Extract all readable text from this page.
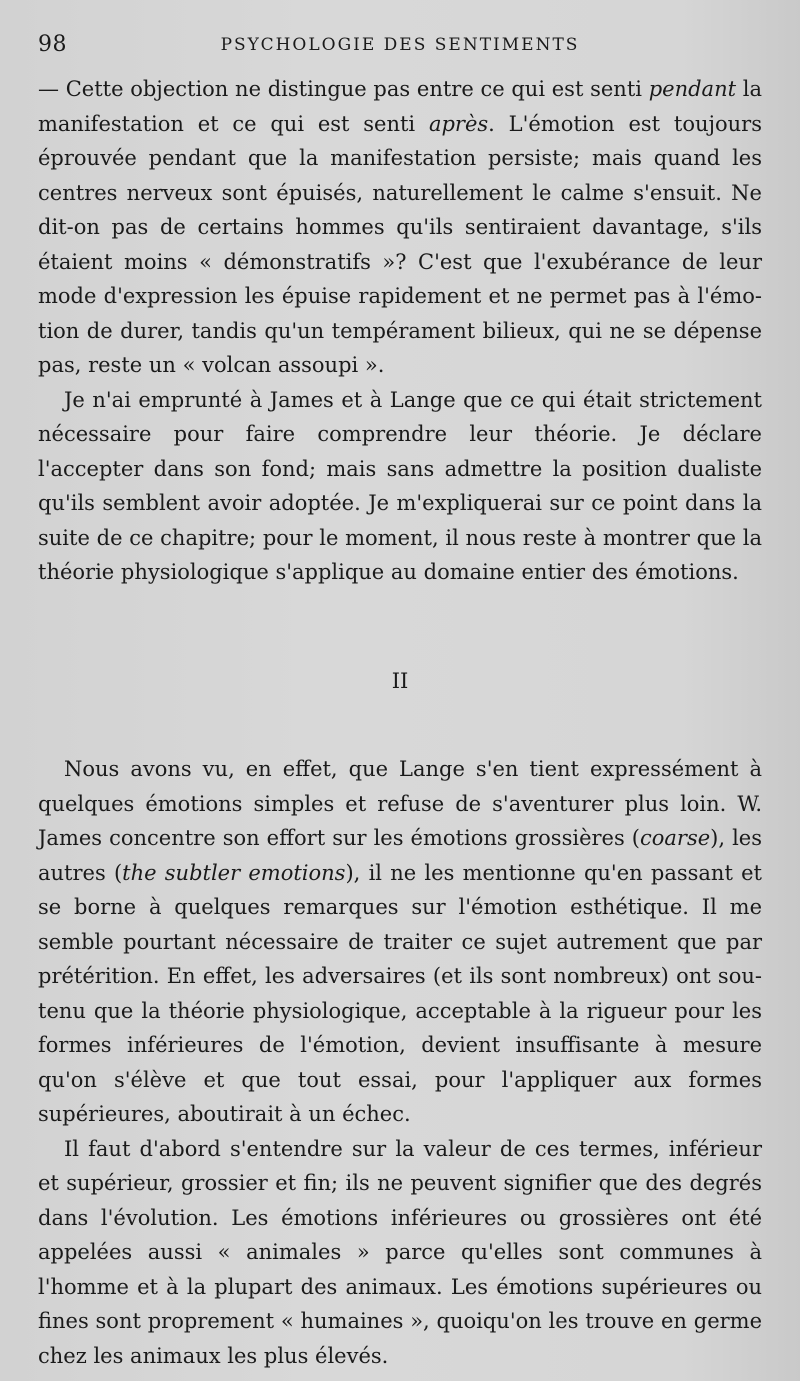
98	PSYCHOLOGIE DES SENTIMENTS

— Cette objection ne distingue pas entre ce qui est senti pendant la manifestation et ce qui est senti après. L'émotion est toujours éprouvée pendant que la manifestation persiste; mais quand les centres nerveux sont épuisés, naturellement le calme s'ensuit. Ne dit-on pas de certains hommes qu'ils sentiraient davantage, s'ils étaient moins « démonstratifs »? C'est que l'exubérance de leur mode d'expression les épuise rapidement et ne permet pas à l'émotion de durer, tandis qu'un tempérament bilieux, qui ne se dépense pas, reste un « volcan assoupi ».

Je n'ai emprunté à James et à Lange que ce qui était strictement nécessaire pour faire comprendre leur théorie. Je déclare l'accepter dans son fond; mais sans admettre la position dualiste qu'ils semblent avoir adoptée. Je m'expliquerai sur ce point dans la suite de ce chapitre; pour le moment, il nous reste à montrer que la théorie physiologique s'applique au domaine entier des émotions.

II

Nous avons vu, en effet, que Lange s'en tient expressément à quelques émotions simples et refuse de s'aventurer plus loin. W. James concentre son effort sur les émotions grossières (coarse), les autres (the subtler emotions), il ne les mentionne qu'en passant et se borne à quelques remarques sur l'émotion esthétique. Il me semble pourtant nécessaire de traiter ce sujet autrement que par prétérition. En effet, les adversaires (et ils sont nombreux) ont soutenu que la théorie physiologique, acceptable à la rigueur pour les formes inférieures de l'émotion, devient insuffisante à mesure qu'on s'élève et que tout essai, pour l'appliquer aux formes supérieures, aboutirait à un échec.

Il faut d'abord s'entendre sur la valeur de ces termes, inférieur et supérieur, grossier et fin; ils ne peuvent signifier que des degrés dans l'évolution. Les émotions inférieures ou grossières ont été appelées aussi « animales » parce qu'elles sont communes à l'homme et à la plupart des animaux. Les émotions supérieures ou fines sont proprement « humaines », quoiqu'on les trouve en germe chez les animaux les plus élevés.
